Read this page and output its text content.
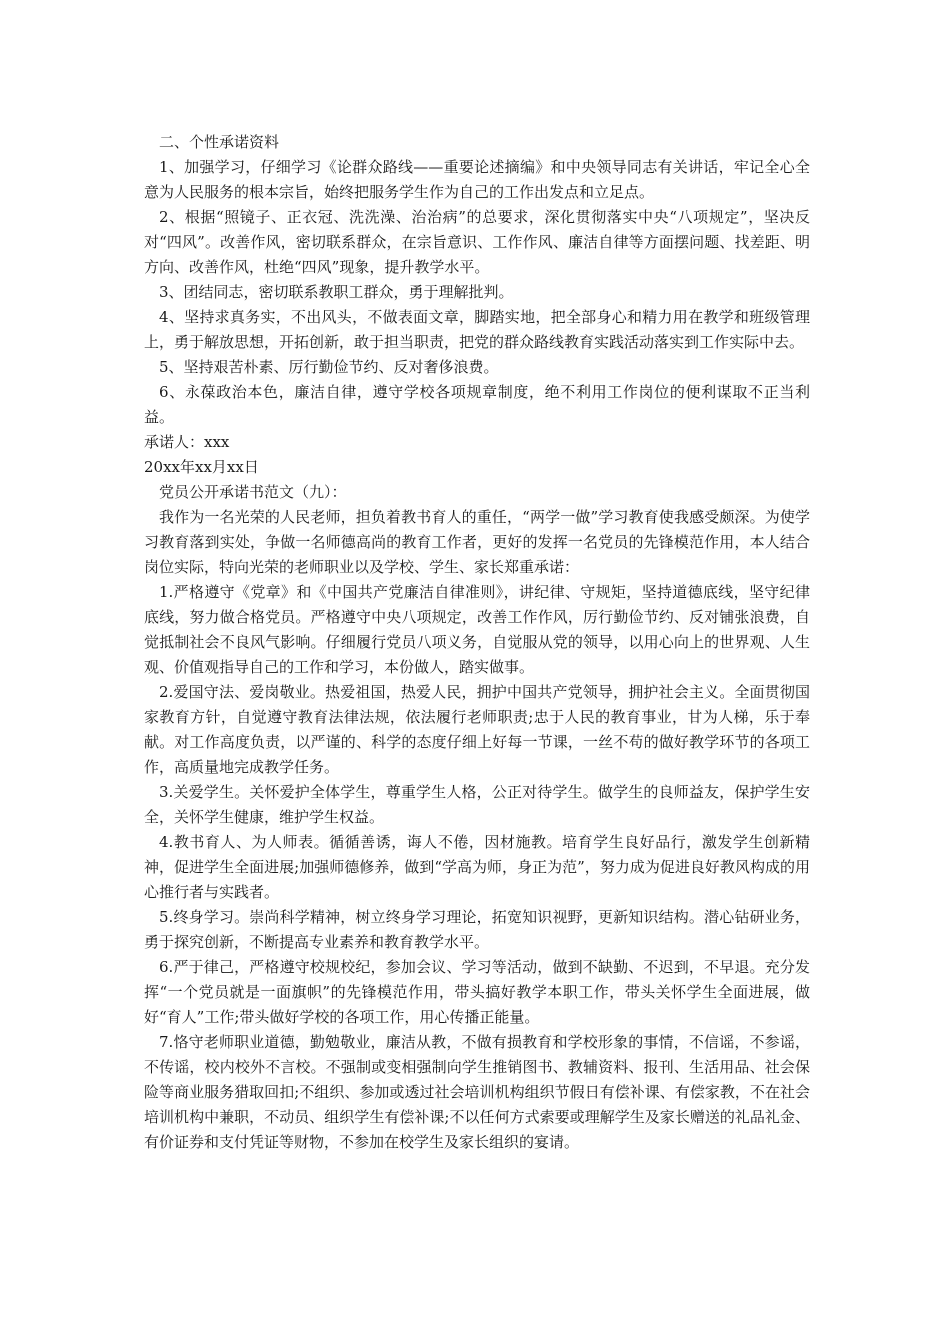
二、个性承诺资料

1、加强学习，仔细学习《论群众路线——重要论述摘编》和中央领导同志有关讲话，牢记全心全意为人民服务的根本宗旨，始终把服务学生作为自己的工作出发点和立足点。

2、根据“照镜子、正衣冠、洗洗澡、治治病”的总要求，深化贯彻落实中央“八项规定”，坚决反对“四风”。改善作风，密切联系群众，在宗旨意识、工作作风、廉洁自律等方面摆问题、找差距、明方向、改善作风，杜绝“四风”现象，提升教学水平。

3、团结同志，密切联系教职工群众，勇于理解批判。

4、坚持求真务实，不出风头，不做表面文章，脚踏实地，把全部身心和精力用在教学和班级管理上，勇于解放思想，开拓创新，敢于担当职责，把党的群众路线教育实践活动落实到工作实际中去。

5、坚持艰苦朴素、厉行勤俭节约、反对奢侈浪费。

6、永葆政治本色，廉洁自律，遵守学校各项规章制度，绝不利用工作岗位的便利谋取不正当利益。

承诺人：xxx

20xx年xx月xx日

党员公开承诺书范文（九）：

我作为一名光荣的人民老师，担负着教书育人的重任，“两学一做”学习教育使我感受颇深。为使学习教育落到实处，争做一名师德高尚的教育工作者，更好的发挥一名党员的先锋模范作用，本人结合岗位实际，特向光荣的老师职业以及学校、学生、家长郑重承诺：

1.严格遵守《党章》和《中国共产党廉洁自律准则》，讲纪律、守规矩，坚持道德底线，坚守纪律底线，努力做合格党员。严格遵守中央八项规定，改善工作作风，厉行勤俭节约、反对铺张浪费，自觉抵制社会不良风气影响。仔细履行党员八项义务，自觉服从党的领导，以用心向上的世界观、人生观、价值观指导自己的工作和学习，本份做人，踏实做事。

2.爱国守法、爱岗敬业。热爱祖国，热爱人民，拥护中国共产党领导，拥护社会主义。全面贯彻国家教育方针，自觉遵守教育法律法规，依法履行老师职责;忠于人民的教育事业，甘为人梯，乐于奉献。对工作高度负责，以严谨的、科学的态度仔细上好每一节课，一丝不苟的做好教学环节的各项工作，高质量地完成教学任务。

3.关爱学生。关怀爱护全体学生，尊重学生人格，公正对待学生。做学生的良师益友，保护学生安全，关怀学生健康，维护学生权益。

4.教书育人、为人师表。循循善诱，诲人不倦，因材施教。培育学生良好品行，激发学生创新精神，促进学生全面进展;加强师德修养，做到“学高为师，身正为范”，努力成为促进良好教风构成的用心推行者与实践者。

5.终身学习。崇尚科学精神，树立终身学习理论，拓宽知识视野，更新知识结构。潜心钻研业务，勇于探究创新，不断提高专业素养和教育教学水平。

6.严于律己，严格遵守校规校纪，参加会议、学习等活动，做到不缺勤、不迟到，不早退。充分发挥“一个党员就是一面旗帜”的先锋模范作用，带头搞好教学本职工作，带头关怀学生全面进展，做好“育人”工作;带头做好学校的各项工作，用心传播正能量。

7.恪守老师职业道德，勤勉敬业，廉洁从教，不做有损教育和学校形象的事情，不信谣，不参谣，不传谣，校内校外不言校。不强制或变相强制向学生推销图书、教辅资料、报刊、生活用品、社会保险等商业服务猎取回扣;不组织、参加或透过社会培训机构组织节假日有偿补课、有偿家教，不在社会培训机构中兼职，不动员、组织学生有偿补课;不以任何方式索要或理解学生及家长赠送的礼品礼金、有价证券和支付凭证等财物，不参加在校学生及家长组织的宴请。
